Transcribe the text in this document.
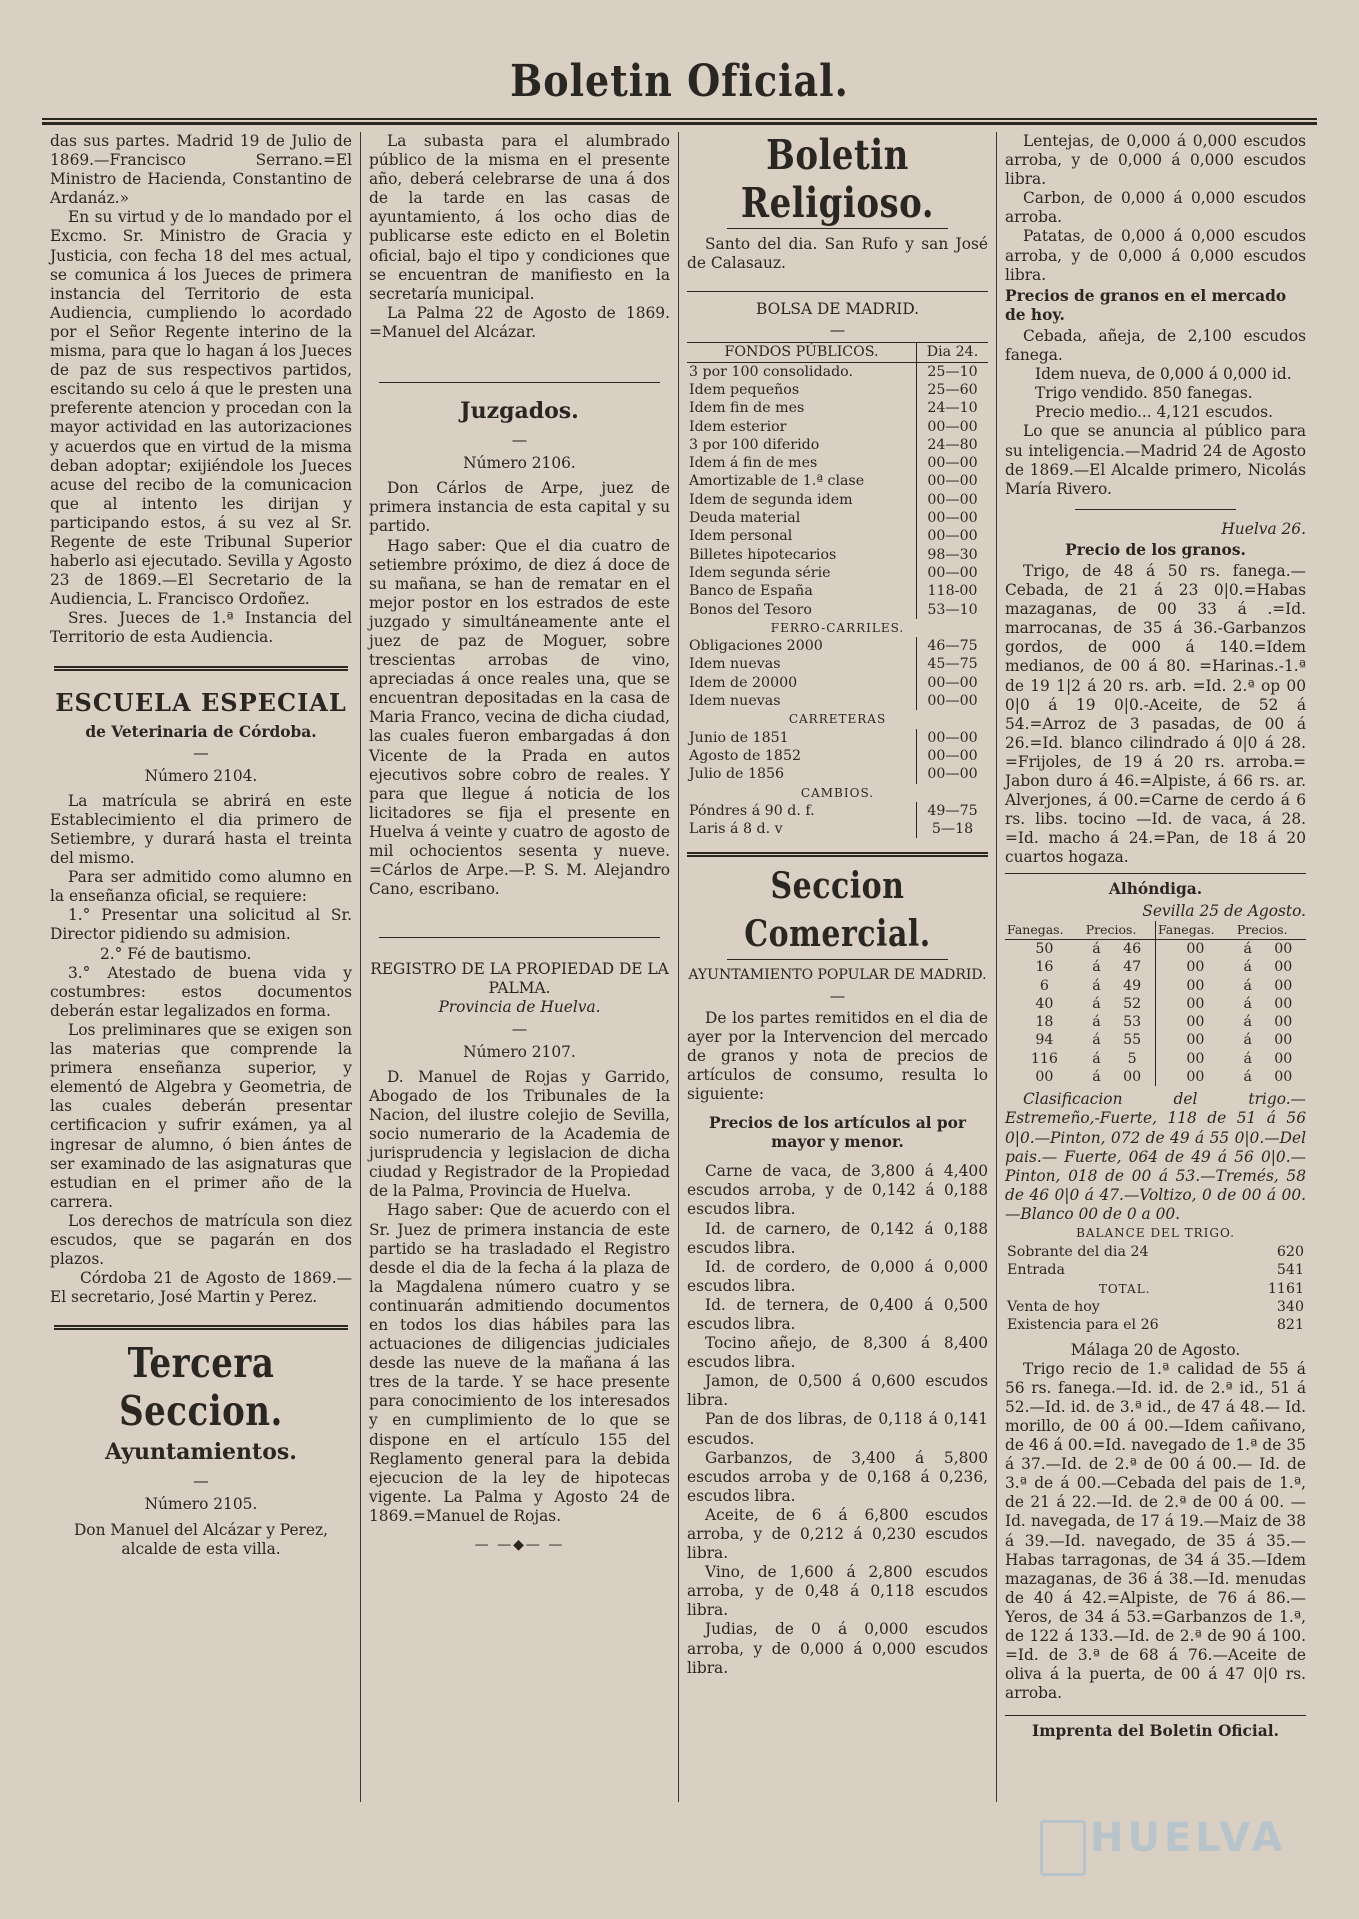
Boletin Oficial.

das sus partes. Madrid 19 de Julio de 1869.—Francisco Serrano.=El Ministro de Hacienda, Constantino de Ardanáz.»

En su virtud y de lo mandado por el Excmo. Sr. Ministro de Gracia y Justicia, con fecha 18 del mes actual, se comunica á los Jueces de primera instancia del Territorio de esta Audiencia, cumpliendo lo acordado por el Señor Regente interino de la misma, para que lo hagan á los Jueces de paz de sus respectivos partidos, escitando su celo á que le presten una preferente atencion y procedan con la mayor actividad en las autorizaciones y acuerdos que en virtud de la misma deban adoptar; exijiéndole los Jueces acuse del recibo de la comunicacion que al intento les dirijan y participando estos, á su vez al Sr. Regente de este Tribunal Superior haberlo asi ejecutado. Sevilla y Agosto 23 de 1869.—El Secretario de la Audiencia, L. Francisco Ordoñez.

Sres. Jueces de 1.ª Instancia del Territorio de esta Audiencia.

ESCUELA ESPECIAL
de Veterinaria de Córdoba.
—
Número 2104.

La matrícula se abrirá en este Establecimiento el dia primero de Setiembre, y durará hasta el treinta del mismo.

Para ser admitido como alumno en la enseñanza oficial, se requiere:

1.° Presentar una solicitud al Sr. Director pidiendo su admision.

2.° Fé de bautismo.

3.° Atestado de buena vida y costumbres: estos documentos deberán estar legalizados en forma.

Los preliminares que se exigen son las materias que comprende la primera enseñanza superior, y elementó de Algebra y Geometria, de las cuales deberán presentar certificacion y sufrir exámen, ya al ingresar de alumno, ó bien ántes de ser examinado de las asignaturas que estudian en el primer año de la carrera.

Los derechos de matrícula son diez escudos, que se pagarán en dos plazos.

Córdoba 21 de Agosto de 1869.—El secretario, José Martin y Perez.

Tercera Seccion.
Ayuntamientos.
—
Número 2105.

Don Manuel del Alcázar y Perez, alcalde de esta villa.

La subasta para el alumbrado público de la misma en el presente año, deberá celebrarse de una á dos de la tarde en las casas de ayuntamiento, á los ocho dias de publicarse este edicto en el Boletin oficial, bajo el tipo y condiciones que se encuentran de manifiesto en la secretaría municipal.

La Palma 22 de Agosto de 1869. =Manuel del Alcázar.

Juzgados.
—
Número 2106.

Don Cárlos de Arpe, juez de primera instancia de esta capital y su partido.

Hago saber: Que el dia cuatro de setiembre próximo, de diez á doce de su mañana, se han de rematar en el mejor postor en los estrados de este juzgado y simultáneamente ante el juez de paz de Moguer, sobre trescientas arrobas de vino, apreciadas á once reales una, que se encuentran depositadas en la casa de Maria Franco, vecina de dicha ciudad, las cuales fueron embargadas á don Vicente de la Prada en autos ejecutivos sobre cobro de reales. Y para que llegue á noticia de los licitadores se fija el presente en Huelva á veinte y cuatro de agosto de mil ochocientos sesenta y nueve. =Cárlos de Arpe.—P. S. M. Alejandro Cano, escribano.

REGISTRO DE LA PROPIEDAD DE LA PALMA.
Provincia de Huelva.
—
Número 2107.

D. Manuel de Rojas y Garrido, Abogado de los Tribunales de la Nacion, del ilustre colejio de Sevilla, socio numerario de la Academia de jurisprudencia y legislacion de dicha ciudad y Registrador de la Propiedad de la Palma, Provincia de Huelva.

Hago saber: Que de acuerdo con el Sr. Juez de primera instancia de este partido se ha trasladado el Registro desde el dia de la fecha á la plaza de la Magdalena número cuatro y se continuarán admitiendo documentos en todos los dias hábiles para las actuaciones de diligencias judiciales desde las nueve de la mañana á las tres de la tarde. Y se hace presente para conocimiento de los interesados y en cumplimiento de lo que se dispone en el artículo 155 del Reglamento general para la debida ejecucion de la ley de hipotecas vigente. La Palma y Agosto 24 de 1869.=Manuel de Rojas.

— —◆— —
Boletin Religioso.

Santo del dia. San Rufo y san José de Calasauz.

BOLSA DE MADRID.
—
FONDOS PÚBLICOS.	Dia 24.
3 por 100 consolidado.	25—10
Idem pequeños	25—60
Idem fin de mes	24—10
Idem esterior	00—00
3 por 100 diferido	24—80
Idem á fin de mes	00—00
Amortizable de 1.ª clase	00—00
Idem de segunda idem	00—00
Deuda material	00—00
Idem personal	00—00
Billetes hipotecarios	98—30
Idem segunda série	00—00
Banco de España	118-00
Bonos del Tesoro	53—10
FERRO-CARRILES.	
Obligaciones 2000	46—75
Idem nuevas	45—75
Idem de 20000	00—00
Idem nuevas	00—00
CARRETERAS	
Junio de 1851	00—00
Agosto de 1852	00—00
Julio de 1856	00—00
CAMBIOS.	
Póndres á 90 d. f.	49—75
Laris á 8 d. v	5—18
Seccion Comercial.
AYUNTAMIENTO POPULAR DE MADRID.
—

De los partes remitidos en el dia de ayer por la Intervencion del mercado de granos y nota de precios de artículos de consumo, resulta lo siguiente:

Precios de los artículos al por mayor y menor.

Carne de vaca, de 3,800 á 4,400 escudos arroba, y de 0,142 á 0,188 escudos libra.

Id. de carnero, de 0,142 á 0,188 escudos libra.

Id. de cordero, de 0,000 á 0,000 escudos libra.

Id. de ternera, de 0,400 á 0,500 escudos libra.

Tocino añejo, de 8,300 á 8,400 escudos libra.

Jamon, de 0,500 á 0,600 escudos libra.

Pan de dos libras, de 0,118 á 0,141 escudos.

Garbanzos, de 3,400 á 5,800 escudos arroba y de 0,168 á 0,236, escudos libra.

Aceite, de 6 á 6,800 escudos arroba, y de 0,212 á 0,230 escudos libra.

Vino, de 1,600 á 2,800 escudos arroba, y de 0,48 á 0,118 escudos libra.

Judias, de 0 á 0,000 escudos arroba, y de 0,000 á 0,000 escudos libra.

Lentejas, de 0,000 á 0,000 escudos arroba, y de 0,000 á 0,000 escudos libra.

Carbon, de 0,000 á 0,000 escudos arroba.

Patatas, de 0,000 á 0,000 escudos arroba, y de 0,000 á 0,000 escudos libra.

Precios de granos en el mercado de hoy.

Cebada, añeja, de 2,100 escudos fanega.

Idem nueva, de 0,000 á 0,000 id.

Trigo vendido. 850 fanegas.

Precio medio... 4,121 escudos.

Lo que se anuncia al público para su inteligencia.—Madrid 24 de Agosto de 1869.—El Alcalde primero, Nicolás María Rivero.

Huelva 26.
Precio de los granos.

Trigo, de 48 á 50 rs. fanega.—Cebada, de 21 á 23 0|0.=Habas mazaganas, de 00 33 á .=Id. marrocanas, de 35 á 36.-Garbanzos gordos, de 000 á 140.=Idem medianos, de 00 á 80. =Harinas.-1.ª de 19 1|2 á 20 rs. arb. =Id. 2.ª op 00 0|0 á 19 0|0.-Aceite, de 52 á 54.=Arroz de 3 pasadas, de 00 á 26.=Id. blanco cilindrado á 0|0 á 28. =Frijoles, de 19 á 20 rs. arroba.= Jabon duro á 46.=Alpiste, á 66 rs. ar. Alverjones, á 00.=Carne de cerdo á 6 rs. libs. tocino —Id. de vaca, á 28. =Id. macho á 24.=Pan, de 18 á 20 cuartos hogaza.

Alhóndiga.
Sevilla 25 de Agosto.
Fanegas.	Precios.		Fanegas.	Precios.	
50	á	46	00	á	00
16	á	47	00	á	00
6	á	49	00	á	00
40	á	52	00	á	00
18	á	53	00	á	00
94	á	55	00	á	00
116	á	5	00	á	00
00	á	00	00	á	00

Clasificacion del trigo.—Estremeño,-Fuerte, 118 de 51 á 56 0|0.—Pinton, 072 de 49 á 55 0|0.—Del pais.— Fuerte, 064 de 49 á 56 0|0.—Pinton, 018 de 00 á 53.—Tremés, 58 de 46 0|0 á 47.—Voltizo, 0 de 00 á 00.—Blanco 00 de 0 a 00.

BALANCE DEL TRIGO.
Sobrante del dia 24	620
Entrada	541
TOTAL.	1161
Venta de hoy	340
Existencia para el 26	821
Málaga 20 de Agosto.

Trigo recio de 1.ª calidad de 55 á 56 rs. fanega.—Id. id. de 2.ª id., 51 á 52.—Id. id. de 3.ª id., de 47 á 48.— Id. morillo, de 00 á 00.—Idem cañivano, de 46 á 00.=Id. navegado de 1.ª de 35 á 37.—Id. de 2.ª de 00 á 00.— Id. de 3.ª de á 00.—Cebada del pais de 1.ª, de 21 á 22.—Id. de 2.ª de 00 á 00. —Id. navegada, de 17 á 19.—Maiz de 38 á 39.—Id. navegado, de 35 á 35.— Habas tarragonas, de 34 á 35.—Idem mazaganas, de 36 á 38.—Id. menudas de 40 á 42.=Alpiste, de 76 á 86.—Yeros, de 34 á 53.=Garbanzos de 1.ª, de 122 á 133.—Id. de 2.ª de 90 á 100. =Id. de 3.ª de 68 á 76.—Aceite de oliva á la puerta, de 00 á 47 0|0 rs. arroba.

Imprenta del Boletin Oficial.
HUELVA
